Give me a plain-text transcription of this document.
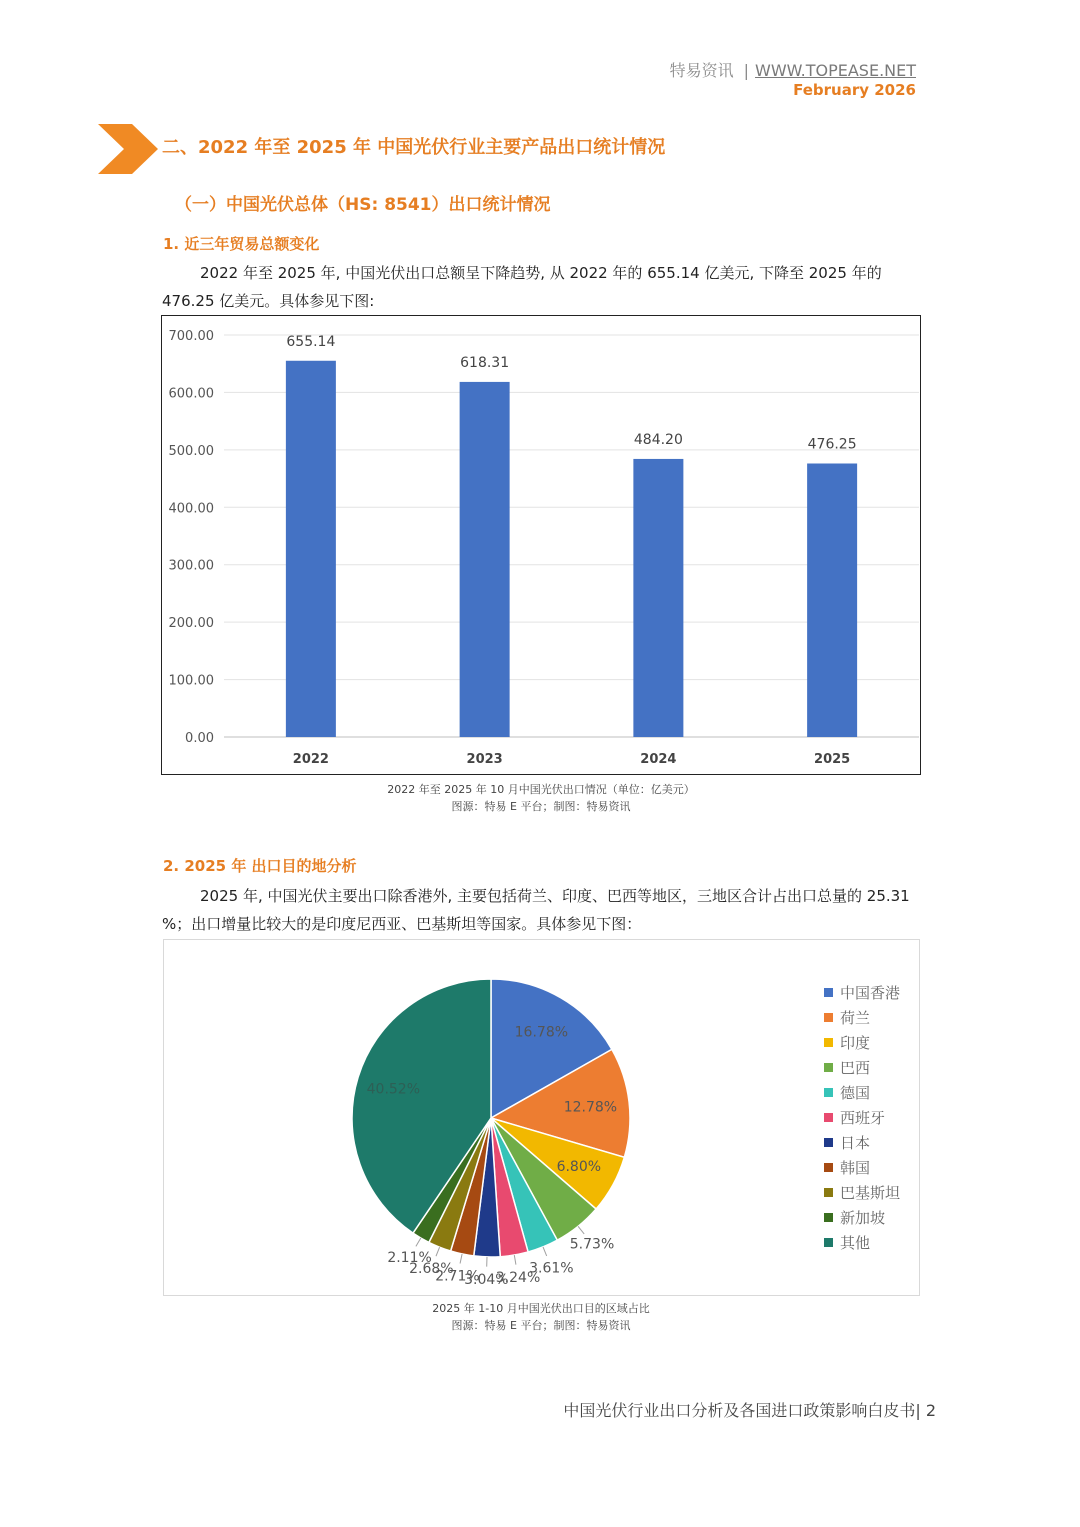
特易资讯 | WWW.TOPEASE.NET
February 2026
二、2022 年至 2025 年 中国光伏行业主要产品出口统计情况
（一）中国光伏总体（HS: 8541）出口统计情况
1. 近三年贸易总额变化
2022 年至 2025 年, 中国光伏出口总额呈下降趋势, 从 2022 年的 655.14 亿美元, 下降至 2025 年的 476.25 亿美元。具体参见下图:
0.00
100.00
200.00
300.00
400.00
500.00
600.00
700.00	655.14
2022
618.31
2023
484.20
2024
476.25
2025
2022 年至 2025 年 10 月中国光伏出口情况（单位：亿美元）
图源：特易 E 平台；制图：特易资讯
2. 2025 年 出口目的地分析
2025 年, 中国光伏主要出口除香港外, 主要包括荷兰、印度、巴西等地区，三地区合计占出口总量的 25.31 %；出口增量比较大的是印度尼西亚、巴基斯坦等国家。具体参见下图：
16.78%
12.78%
6.80%
5.73%
3.61%
3.24%
3.04%
2.71%
2.68%
2.11%
40.52%
中国香港
荷兰
印度
巴西
德国
西班牙
日本
韩国
巴基斯坦
新加坡
其他
2025 年 1-10 月中国光伏出口目的区域占比
图源：特易 E 平台；制图：特易资讯
中国光伏行业出口分析及各国进口政策影响白皮书| 2
